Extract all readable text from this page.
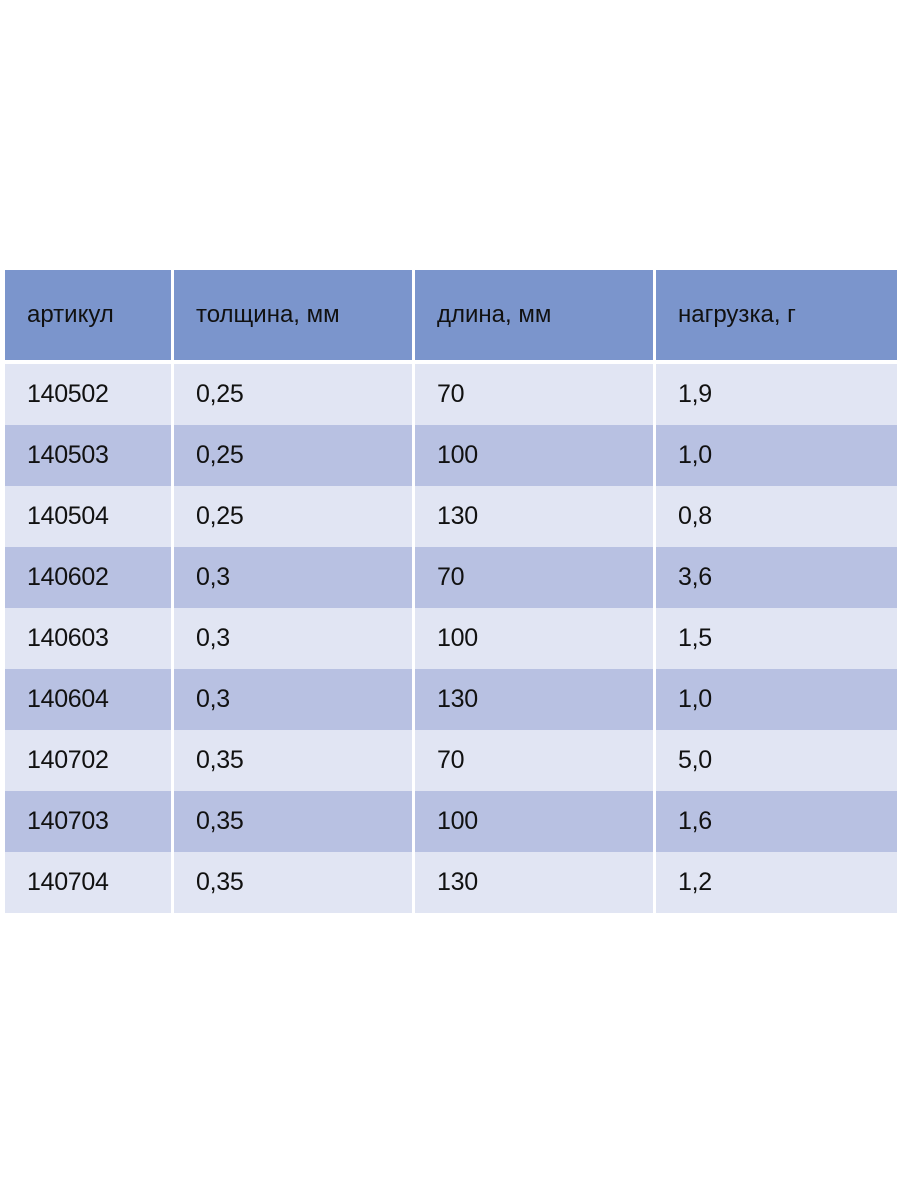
артикул	толщина, мм	длина, мм	нагрузка, г
140502	0,25	70	1,9
140503	0,25	100	1,0
140504	0,25	130	0,8
140602	0,3	70	3,6
140603	0,3	100	1,5
140604	0,3	130	1,0
140702	0,35	70	5,0
140703	0,35	100	1,6
140704	0,35	130	1,2
